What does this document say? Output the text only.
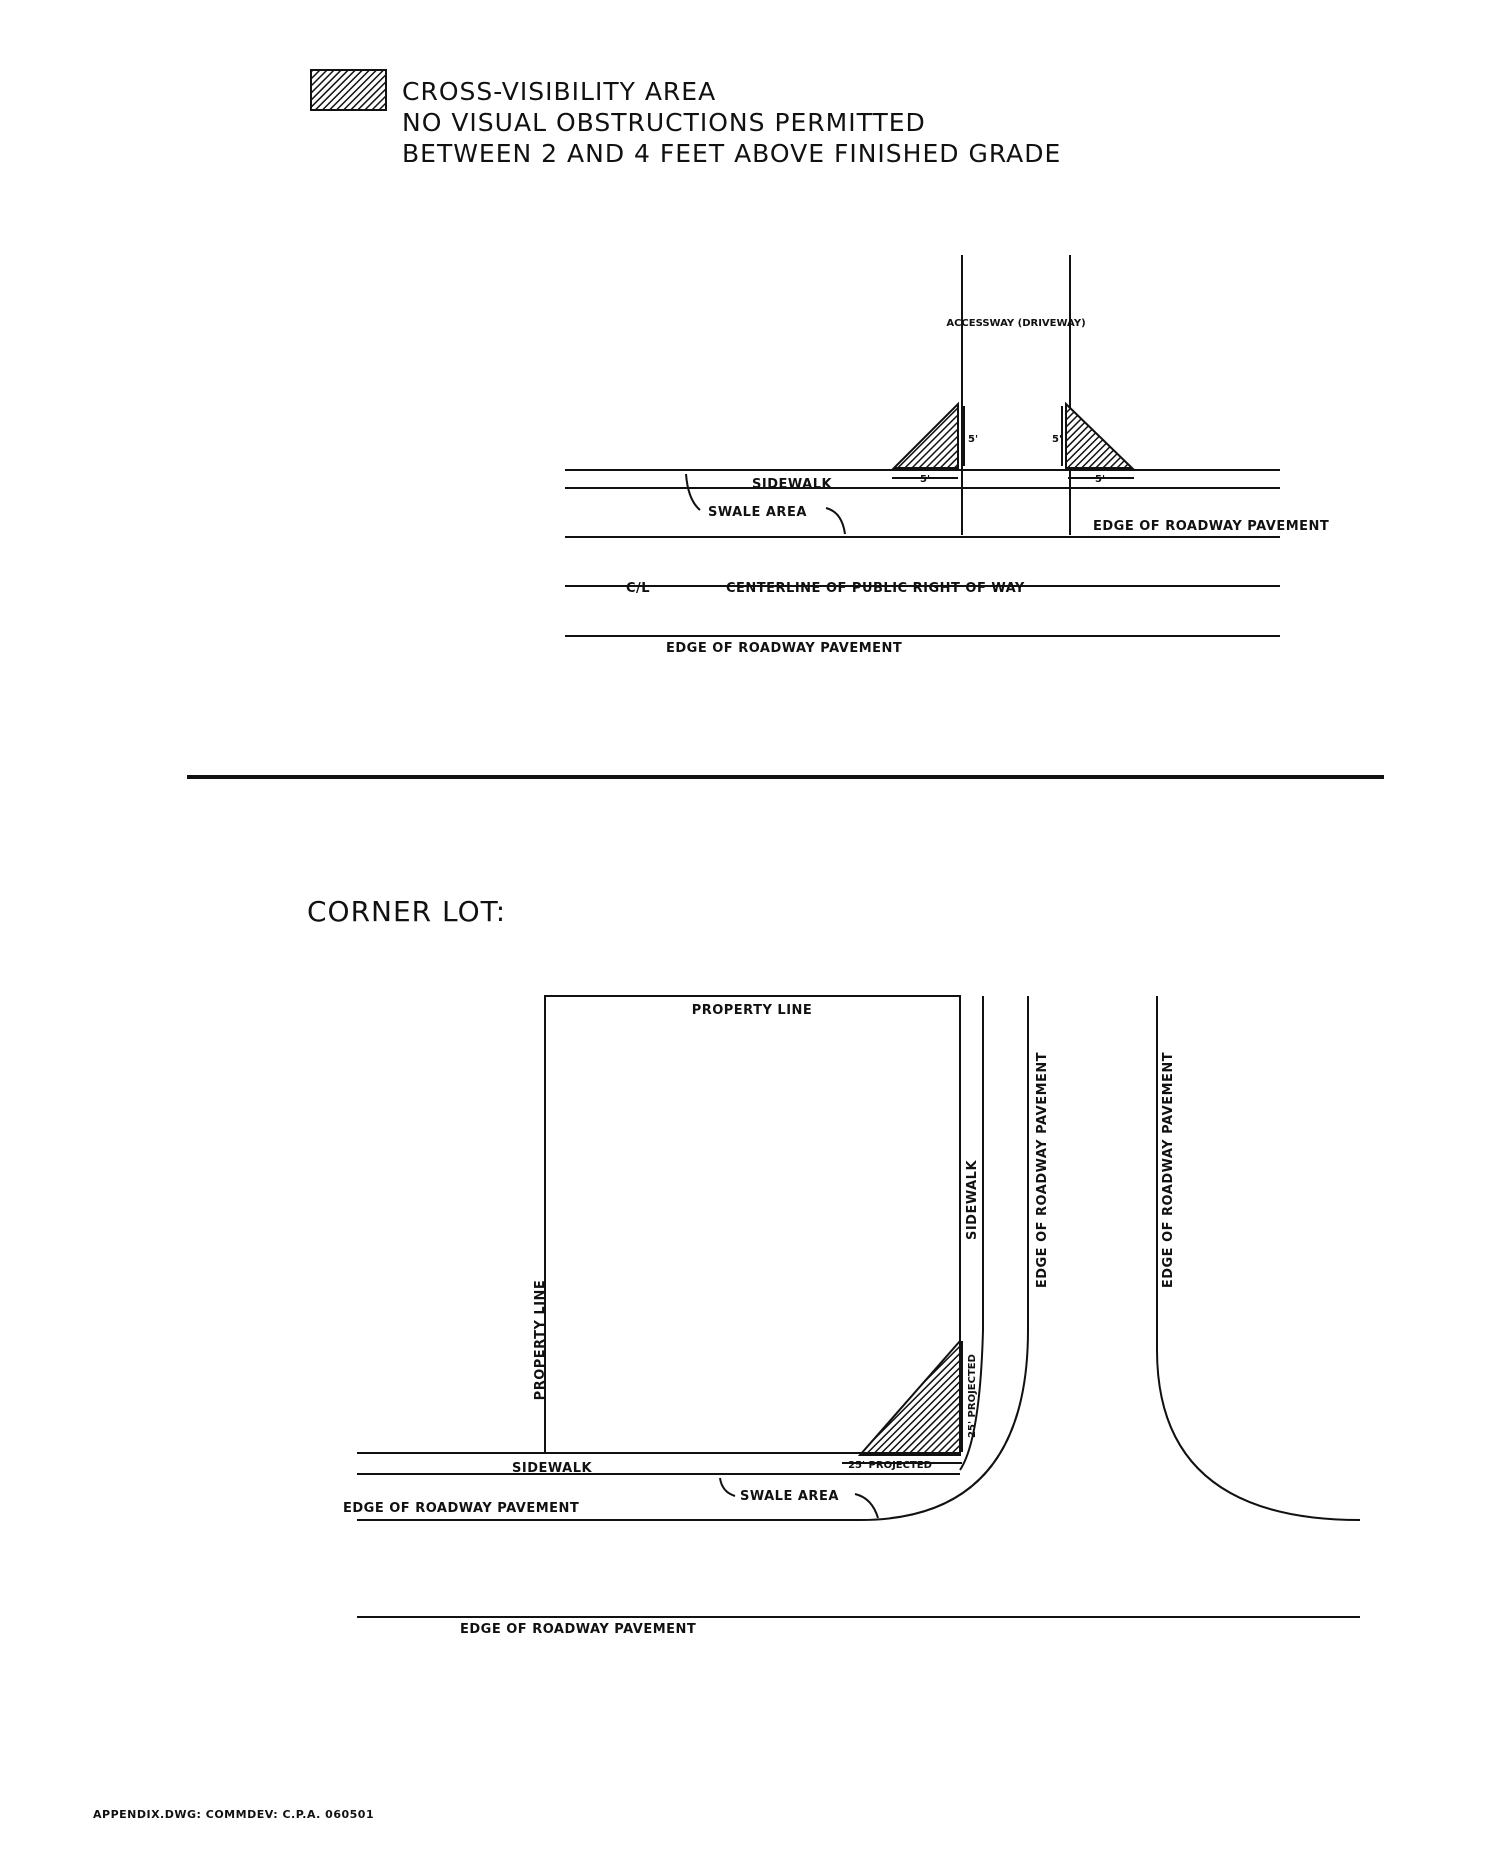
CROSS-VISIBILITY AREA
NO VISUAL OBSTRUCTIONS PERMITTED
BETWEEN 2 AND 4 FEET ABOVE FINISHED GRADE
ACCESSWAY (DRIVEWAY)
5'	5'
5'	5'
SIDEWALK
SWALE AREA
EDGE OF ROADWAY PAVEMENT
C/L	CENTERLINE OF PUBLIC RIGHT OF WAY
EDGE OF ROADWAY PAVEMENT
CORNER LOT:
PROPERTY LINE
PROPERTY LINE
SIDEWALK
SIDEWALK
25' PROJECTED
25' PROJECTED
SWALE AREA
EDGE OF ROADWAY PAVEMENT
EDGE OF ROADWAY PAVEMENT	EDGE OF ROADWAY PAVEMENT
EDGE OF ROADWAY PAVEMENT
APPENDIX.DWG: COMMDEV: C.P.A. 060501
